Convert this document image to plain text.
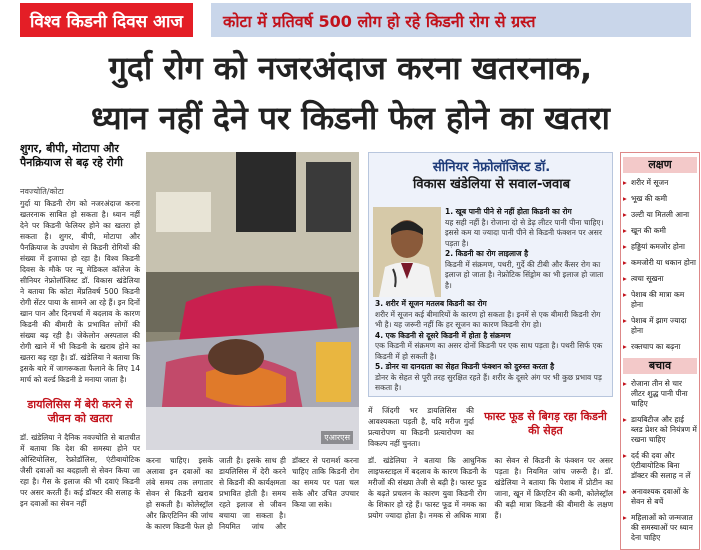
विश्व किडनी दिवस आज	कोटा में प्रतिवर्ष 500 लोग हो रहे किडनी रोग से ग्रस्त
गुर्दा रोग को नजरअंदाज करना खतरनाक,
ध्यान नहीं देने पर किडनी फेल होने का खतरा
शुगर, बीपी, मोटापा और पैनक्रियाज से बढ़ रहे रोगी
नवज्योति/कोटा
गुर्दा या किडनी रोग को नजरअंदाज करना खतरनाक साबित हो सकता है। ध्यान नहीं देने पर किडनी फेलियर होने का खतरा हो सकता है। शुगर, बीपी, मोटापा और पैनक्रियाज के उपयोग से किडनी रोगियों की संख्या में इजाफा हो रहा है। विश्व किडनी दिवस के मौके पर न्यू मेडिकल कॉलेज के सीनियर नेफ्रोलॉजिस्ट डॉ. विकास खंडेलिया ने बताया कि कोटा मेंप्रतिवर्ष 500 किडनी रोगी सेंटर पाया के सामने आ रहे हैं। इन दिनों खान पान और दिनचर्या में बदलाव के कारण किडनी की बीमारी के प्रभावित लोगों की संख्या बढ़ रही है। जेकेलोन अस्पताल की रोगी खाने में भी किडनी के खराब होने का खतरा बढ़ रहा है। डॉ. खंडेलिया ने बताया कि इसके बारे में जागरूकता फैलाने के लिए 14 मार्च को वर्ल्ड किडनी डे मनाया जाता है।
डायलिसिस में बेरी करने से जीवन को खतरा
डॉ. खंडेलिया ने दैनिक नवज्योति से बातचीत में बताया कि देश की समस्या होने पर ओस्टियोलिस, रेफ्रोडॉलिस, एंटीबायोटिक जैसी दवाओं का बदहाली से सेवन किया जा रहा है। गैस के इलाज की भी दवाएं किडनी पर असर करती हैं। कई डॉक्टर की सलाह के इन दवाओं का सेवन नहीं
एआरएस
करना चाहिए। इसके अलावा इन दवाओं का लंबे समय तक लगातार सेवन से किडनी खराब हो सकती है। कोलेस्ट्रॉल और क्रिएटिनिन की जांच के कारण किडनी फेल हो जाती है। इसके साथ ही डायलिसिस में देरी करने से किडनी की कार्यक्षमता प्रभावित होती है। समय रहते इलाज से जीवन बचाया जा सकता है। नियमित जांच और डॉक्टर से परामर्श करना चाहिए ताकि किडनी रोग का समय पर पता चल सके और उचित उपचार किया जा सके।
सीनियर नेफ्रोलॉजिस्ट डॉ.
विकास खंडेलिया से सवाल-जवाब
1. खूब पानी पीने से नहीं होता किडनी का रोग
यह सही नहीं है। रोजाना दो से डेढ़ लीटर पानी पीना चाहिए। इससे कम या ज्यादा पानी पीने से किडनी फंक्शन पर असर पड़ता है।
2. किडनी का रोग लाइलाज है
किडनी में संक्रमण, पथरी, गुर्दे की टीबी और कैंसर रोग का इलाज हो जाता है। नेफ्रोटिक सिंड्रोम का भी इलाज हो जाता है।
3. शरीर में सूजन मतलब किडनी का रोग
शरीर में सूजन कई बीमारियों के कारण हो सकता है। इनमें से एक बीमारी किडनी रोग भी है। यह जरूरी नहीं कि हर सूजन का कारण किडनी रोग हो।
4. एक किडनी से दूसरे किडनी में होता है संक्रमण
एक किडनी में संक्रमण का असर दोनों किडनी पर एक साथ पड़ता है। पथरी सिर्फ एक किडनी में हो सकती है।
5. डोनर या दानदाता का सेहत किडनी फंक्शन को दुरुस्त करता है
डोनर के सेहत से पूरी तरह सुरक्षित रहते हैं। शरीर के दूसरे अंग पर भी कुछ प्रभाव पड़ सकता है।
में जिंदगी भर डायलिसिस की आवश्यकता पड़ती है, यदि मरीज गुर्दा प्रत्यारोपण या किडनी प्रत्यारोपण का विकल्प नहीं चुनता।
फास्ट फूड से बिगड़ रहा किडनी की सेहत
डॉ. खंडेलिया ने बताया कि आधुनिक लाइफस्टाइल में बदलाव के कारण किडनी के मरीजों की संख्या तेजी से बढ़ी है। फास्ट फूड के बढ़ते प्रचलन के कारण युवा किडनी रोग के शिकार हो रहे हैं। फास्ट फूड में नमक का प्रयोग ज्यादा होता है। नमक से अधिक मात्रा का सेवन से किडनी के फंक्शन पर असर पड़ता है। नियमित जांच जरूरी है। डॉ. खंडेलिया ने बताया कि पेशाब में प्रोटीन का जाना, खून में क्रिएटिन की कमी, कोलेस्ट्रॉल की बढ़ी मात्रा किडनी की बीमारी के लक्षण हैं।
लक्षण
▸ शरीर में सूजन
▸ भूख की कमी
▸ उल्टी या मितली आना
▸ खून की कमी
▸ हड्डियां कमजोर होना
▸ कमजोरी या थकान होना
▸ त्वचा सूखना
▸ पेशाब की मात्रा कम होना
▸ पेशाब में झाग ज्यादा होना
▸ रक्तचाप का बढ़ना
बचाव
▸ रोजाना तीन से चार लीटर शुद्ध पानी पीना चाहिए
▸ डायबिटीज और हाई ब्लड प्रेशर को नियंत्रण में रखना चाहिए
▸ दर्द की दवा और एंटीबायोटिक बिना डॉक्टर की सलाह न लें
▸ अनावश्यक दवाओं के सेवन से बचें
▸ महिलाओं को जन्मजात की समस्याओं पर ध्यान देना चाहिए
